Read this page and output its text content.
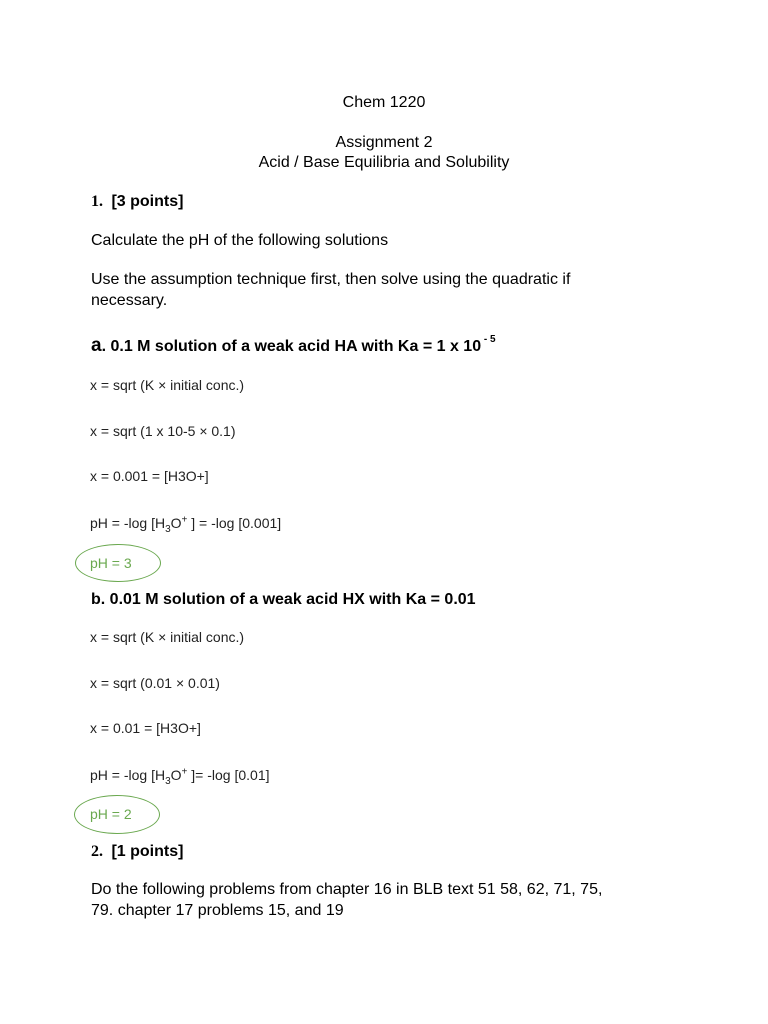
Chem 1220
Assignment 2
Acid / Base Equilibria and Solubility
1. [3 points]
Calculate the pH of the following solutions
Use the assumption technique first, then solve using the quadratic if
necessary.
a. 0.1 M solution of a weak acid HA with Ka = 1 x 10 $^{- 5}$
x = sqrt (K × initial conc.)
x = sqrt (1 x 10-5 × 0.1)
x = 0.001 = [H3O+]
pH = -log [$H_3O^+$ ] = -log [0.001]
pH = 3
b. 0.01 M solution of a weak acid HX with Ka = 0.01
x = sqrt (K × initial conc.)
x = sqrt (0.01 × 0.01)
x = 0.01 = [H3O+]
pH = -log [$H_3O^+$ ]= -log [0.01]
pH = 2
2. [1 points]
Do the following problems from chapter 16 in BLB text 51 58, 62, 71, 75,
79. chapter 17 problems 15, and 19
